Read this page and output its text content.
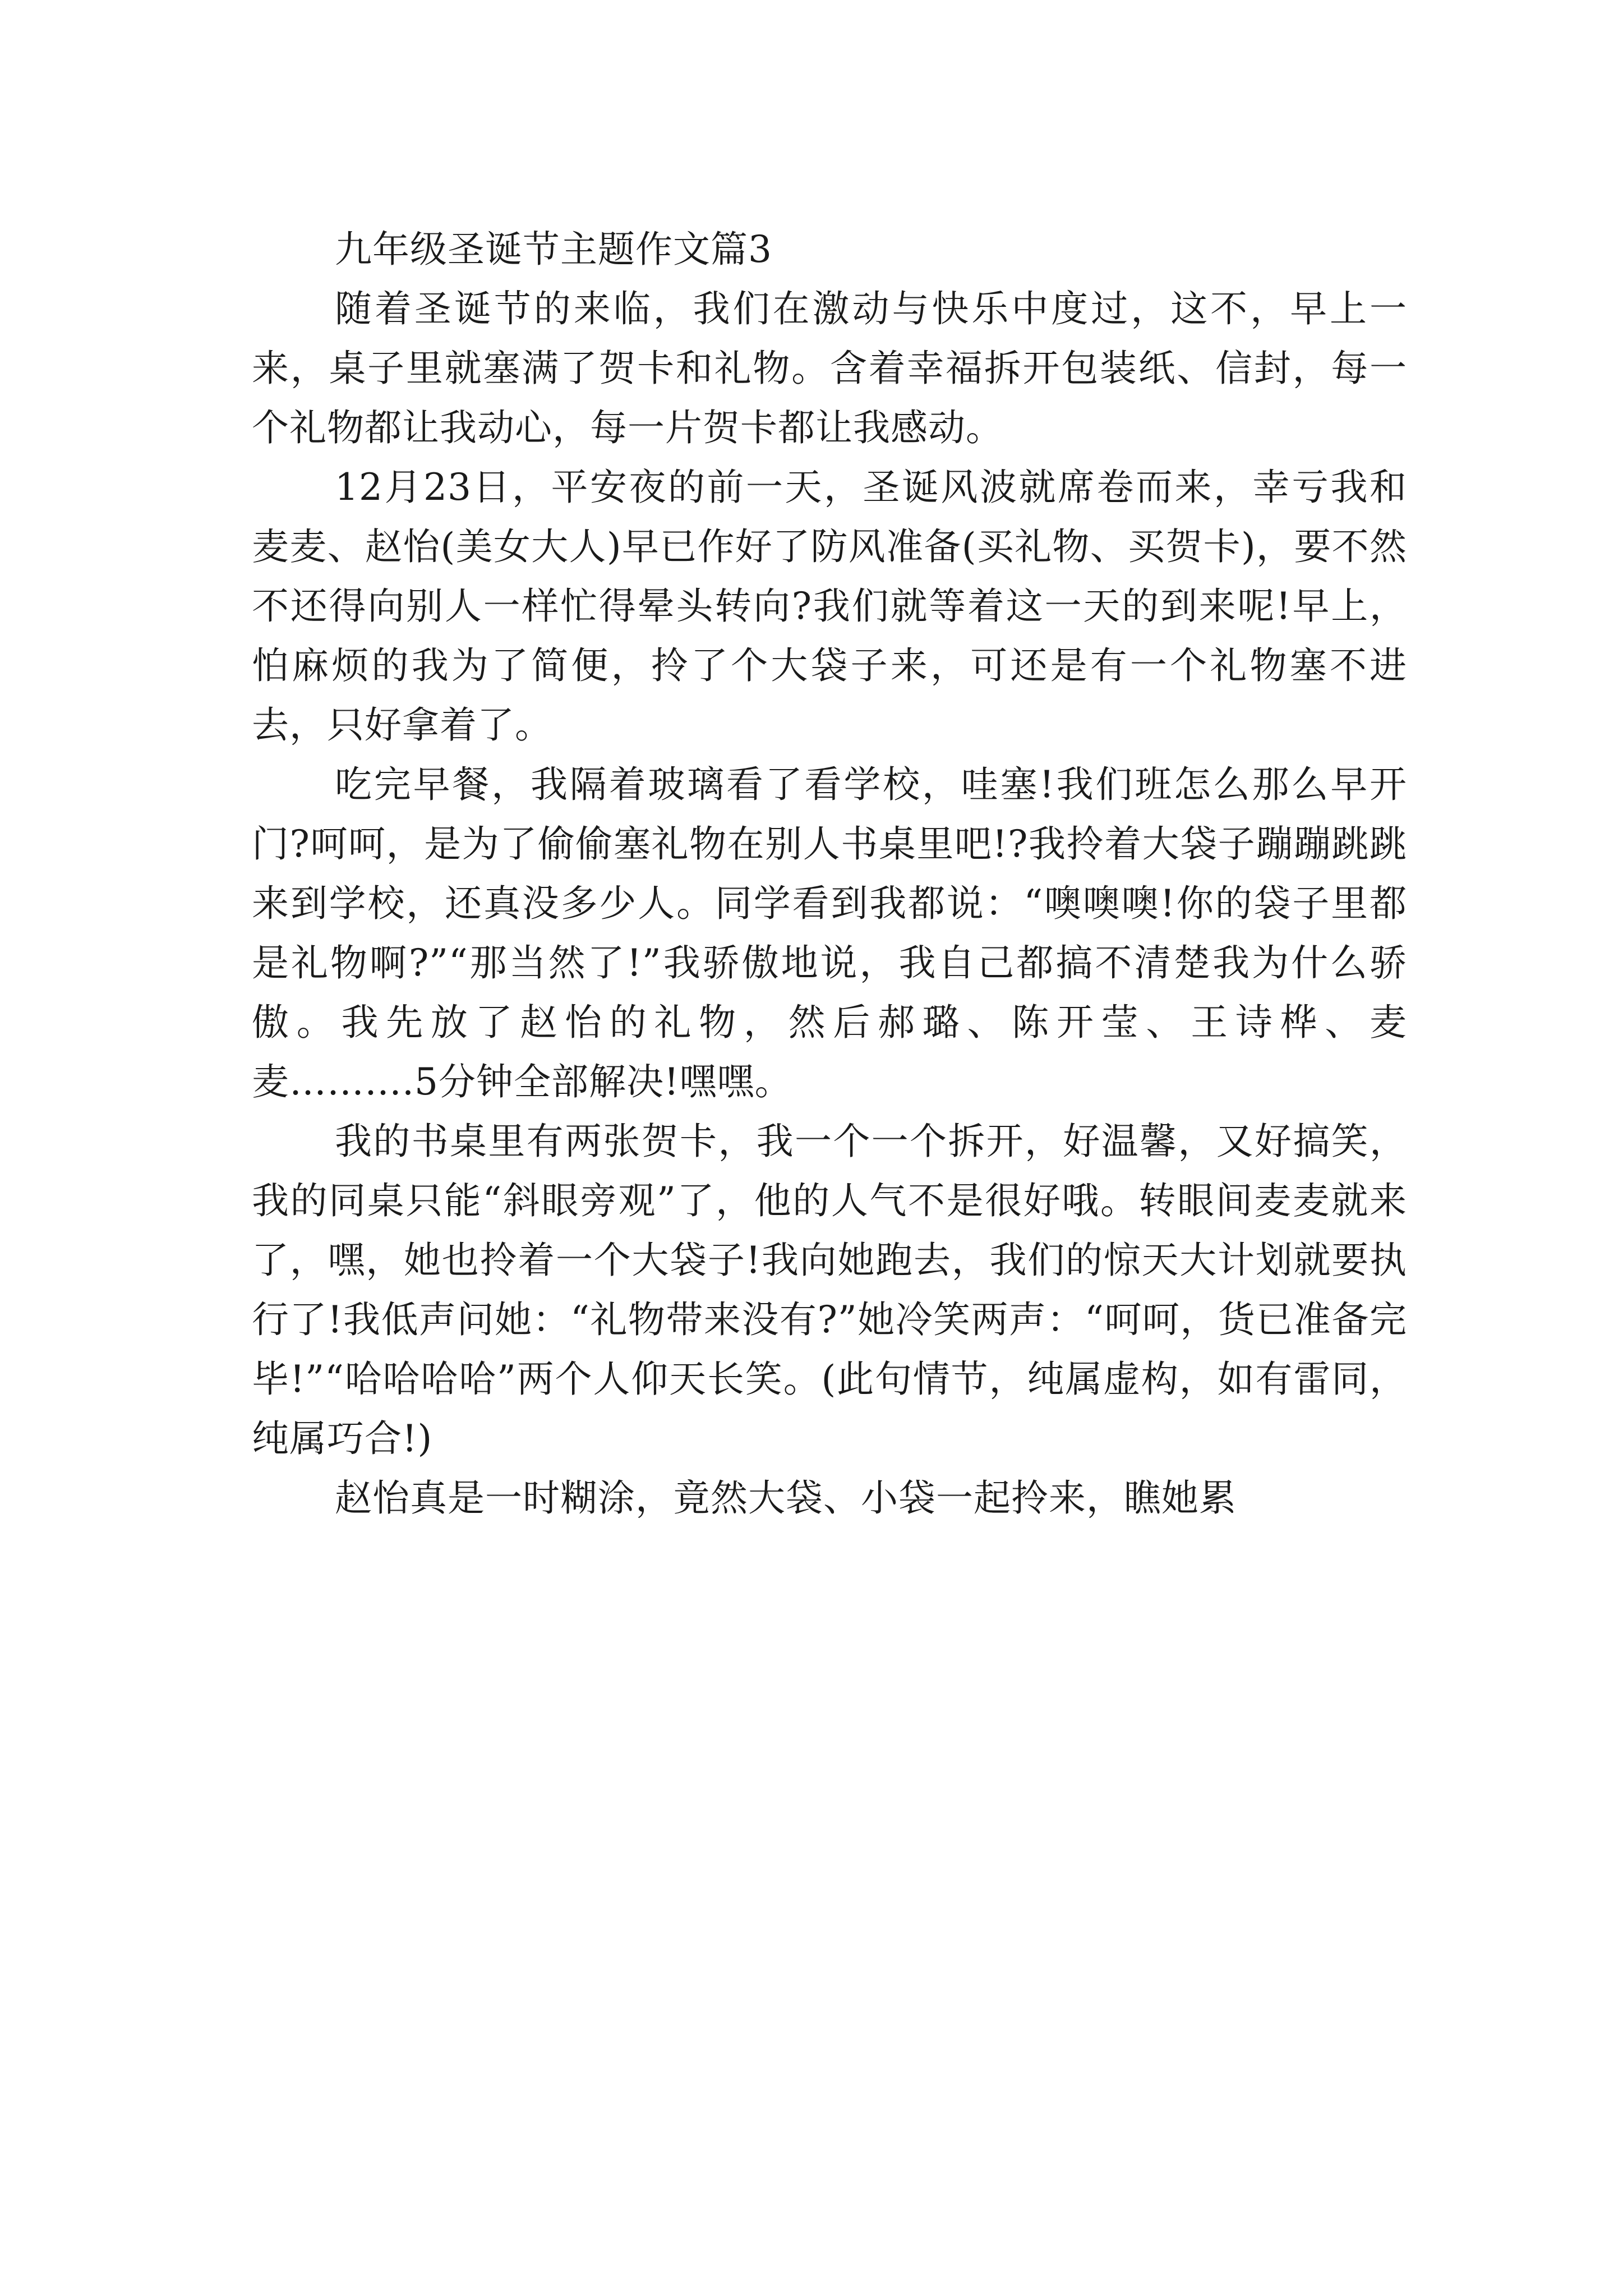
九年级圣诞节主题作文篇3

随着圣诞节的来临，我们在激动与快乐中度过，这不，早上一来，桌子里就塞满了贺卡和礼物。含着幸福拆开包装纸、信封，每一个礼物都让我动心，每一片贺卡都让我感动。

12月23日，平安夜的前一天，圣诞风波就席卷而来，幸亏我和麦麦、赵怡(美女大人)早已作好了防风准备(买礼物、买贺卡)，要不然不还得向别人一样忙得晕头转向?我们就等着这一天的到来呢!早上，怕麻烦的我为了简便，拎了个大袋子来，可还是有一个礼物塞不进去，只好拿着了。

吃完早餐，我隔着玻璃看了看学校，哇塞!我们班怎么那么早开门?呵呵，是为了偷偷塞礼物在别人书桌里吧!?我拎着大袋子蹦蹦跳跳来到学校，还真没多少人。同学看到我都说：“噢噢噢!你的袋子里都是礼物啊?”“那当然了!”我骄傲地说，我自己都搞不清楚我为什么骄傲。我先放了赵怡的礼物，然后郝璐、陈开莹、王诗桦、麦麦……….5分钟全部解决!嘿嘿。

我的书桌里有两张贺卡，我一个一个拆开，好温馨，又好搞笑，我的同桌只能“斜眼旁观”了，他的人气不是很好哦。转眼间麦麦就来了，嘿，她也拎着一个大袋子!我向她跑去，我们的惊天大计划就要执行了!我低声问她：“礼物带来没有?”她冷笑两声：“呵呵，货已准备完毕!”“哈哈哈哈”两个人仰天长笑。(此句情节，纯属虚构，如有雷同，纯属巧合!)

赵怡真是一时糊涂，竟然大袋、小袋一起拎来，瞧她累
